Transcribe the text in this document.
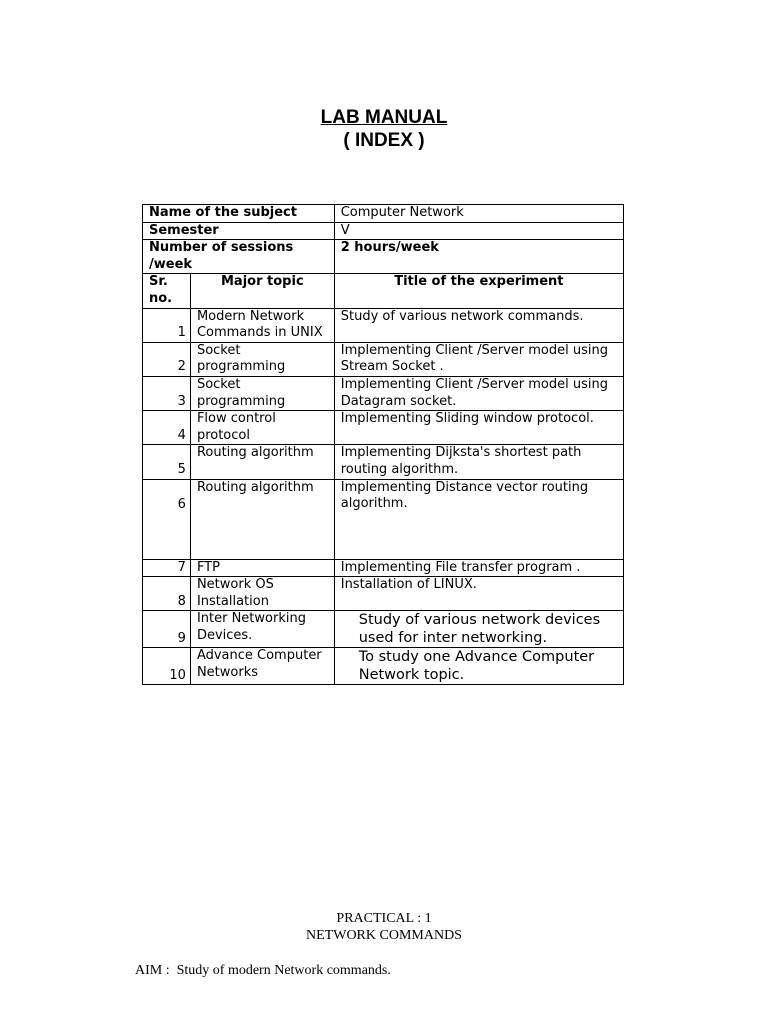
LAB MANUAL
( INDEX )
Name of the subject		Computer Network
Semester		V
Number of sessions /week		2 hours/week
Sr. no.	Major topic	Title of the experiment
1	Modern Network Commands in UNIX	Study of various network commands.
2	Socket programming	Implementing Client /Server model using Stream Socket .
3	Socket programming	Implementing Client /Server model using Datagram socket.
4	Flow control protocol	Implementing Sliding window protocol.
5	Routing algorithm	Implementing Dijksta's shortest path routing algorithm.
6	Routing algorithm	Implementing Distance vector routing algorithm.
7	FTP	Implementing File transfer program .
8	Network OS Installation	Installation of LINUX.
9	Inter Networking Devices.	Study of various network devices used for inter networking.
10	Advance Computer Networks	To study one Advance Computer Network topic.
PRACTICAL : 1
NETWORK COMMANDS
AIM :  Study of modern Network commands.
